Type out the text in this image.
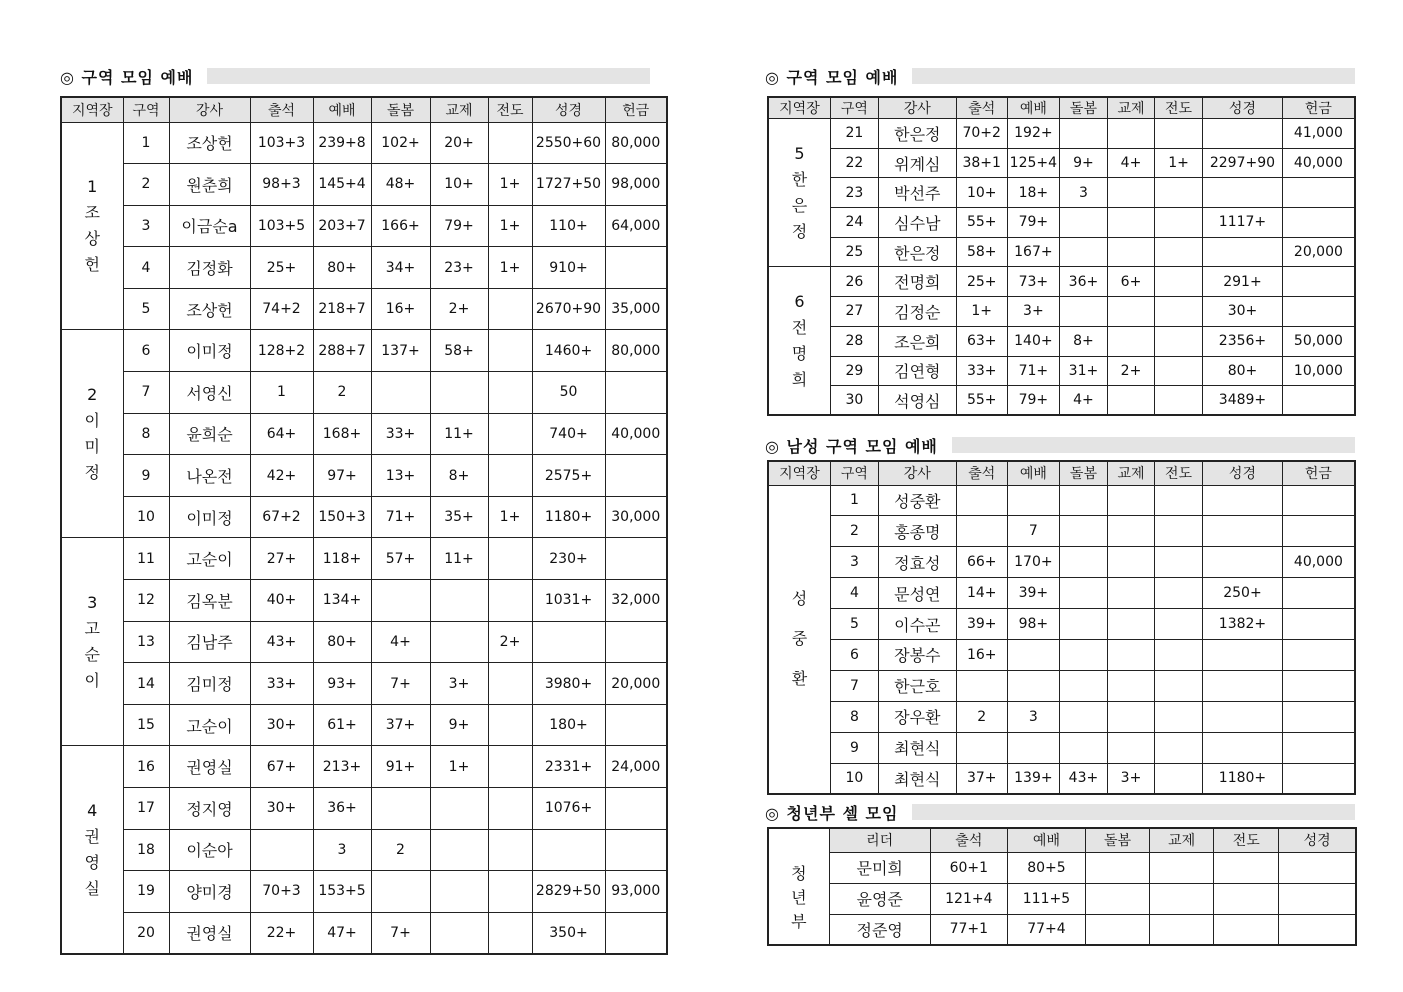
◎ 구역 모임 예배	◎ 구역 모임 예배
◎ 남성 구역 모임 예배
◎ 청년부 셀 모임
지역장	구역	강사	출석	예배	돌봄	교제	전도	성경	헌금

1
조
상
헌	1	조상헌	103+3	239+8	102+	20+		2550+60	80,000
	2	원춘희	98+3	145+4	48+	10+	1+	1727+50	98,000
	3	이금순a	103+5	203+7	166+	79+	1+	110+	64,000
	4	김정화	25+	80+	34+	23+	1+	910+	
	5	조상헌	74+2	218+7	16+	2+		2670+90	35,000

2
이
미
정	6	이미정	128+2	288+7	137+	58+		1460+	80,000
	7	서영신	1	2				50	
	8	윤희순	64+	168+	33+	11+		740+	40,000
	9	나온전	42+	97+	13+	8+		2575+	
	10	이미정	67+2	150+3	71+	35+	1+	1180+	30,000

3
고
순
이	11	고순이	27+	118+	57+	11+		230+	
	12	김옥분	40+	134+				1031+	32,000
	13	김남주	43+	80+	4+		2+		
	14	김미정	33+	93+	7+	3+		3980+	20,000
	15	고순이	30+	61+	37+	9+		180+	

4
권
영
실	16	권영실	67+	213+	91+	1+		2331+	24,000
	17	정지영	30+	36+				1076+	
	18	이순아		3	2				
	19	양미경	70+3	153+5				2829+50	93,000
	20	권영실	22+	47+	7+			350+	
지역장	구역	강사	출석	예배	돌봄	교제	전도	성경	헌금

5
한
은
정	21	한은정	70+2	192+					41,000
	22	위계심	38+1	125+4	9+	4+	1+	2297+90	40,000
	23	박선주	10+	18+	3				
	24	심수남	55+	79+				1117+	
	25	한은정	58+	167+					20,000

6
전
명
희	26	전명희	25+	73+	36+	6+		291+	
	27	김정순	1+	3+				30+	
	28	조은희	63+	140+	8+			2356+	50,000
	29	김연형	33+	71+	31+	2+		80+	10,000
	30	석영심	55+	79+	4+			3489+	
지역장	구역	강사	출석	예배	돌봄	교제	전도	성경	헌금

성
중
환	1	성중환							
	2	홍종명		7					
	3	정효성	66+	170+					40,000
	4	문성연	14+	39+				250+	
	5	이수곤	39+	98+				1382+	
	6	장봉수	16+						
	7	한근호							
	8	장우환	2	3					
	9	최현식							
	10	최현식	37+	139+	43+	3+		1180+	
	리더	출석	예배	돌봄	교제	전도	성경

청
년
부	문미희	60+1	80+5				
	윤영준	121+4	111+5				
	정준영	77+1	77+4				
